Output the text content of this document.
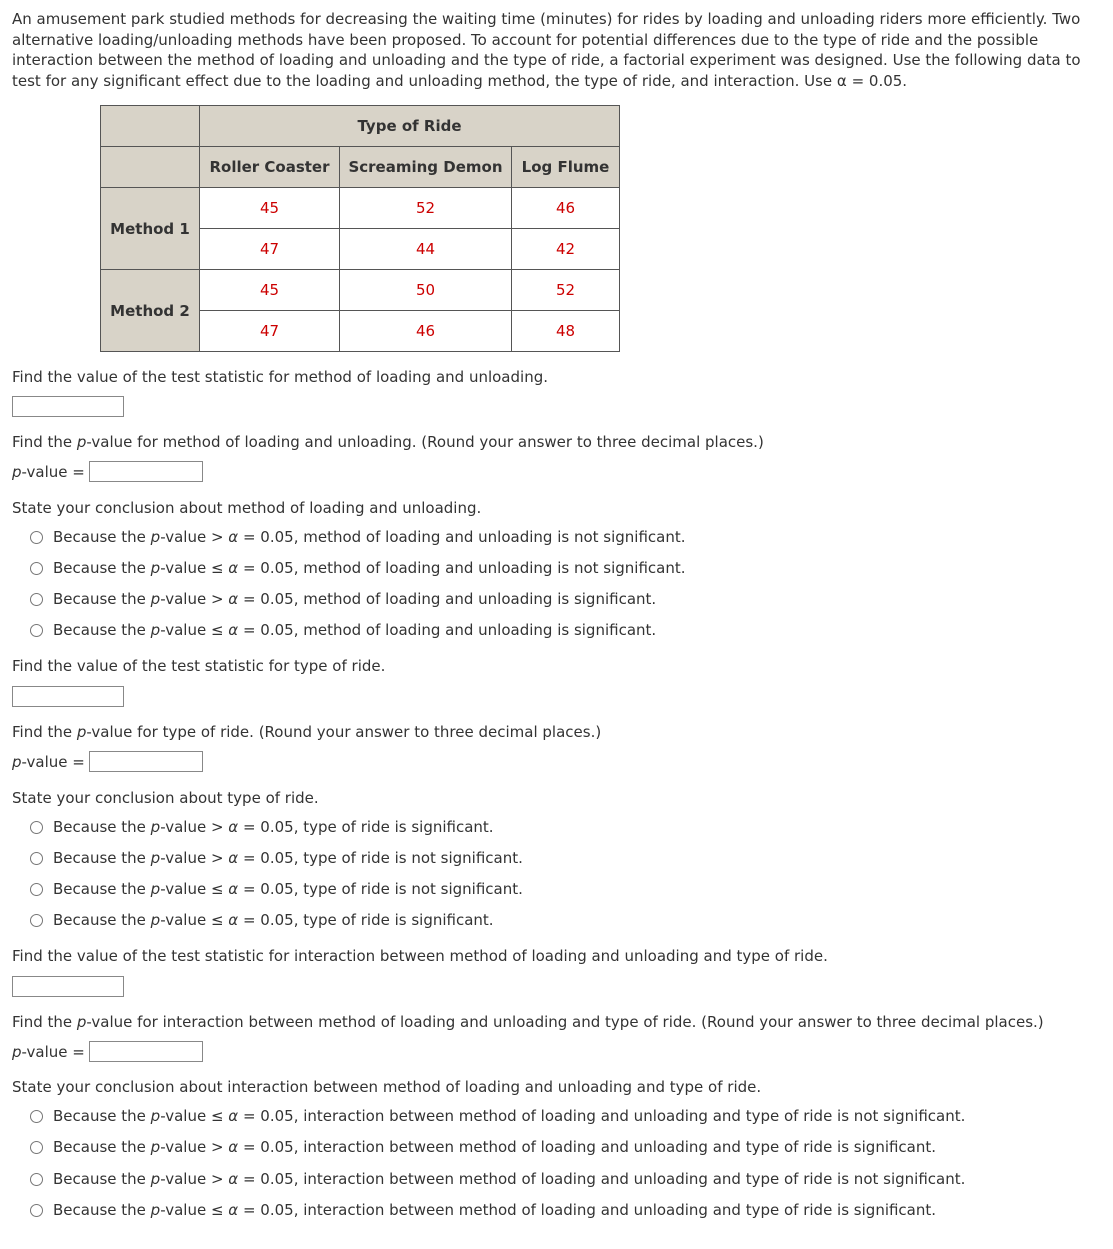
An amusement park studied methods for decreasing the waiting time (minutes) for rides by loading and unloading riders more efficiently. Two alternative loading/unloading methods have been proposed. To account for potential differences due to the type of ride and the possible interaction between the method of loading and unloading and the type of ride, a factorial experiment was designed. Use the following data to test for any significant effect due to the loading and unloading method, the type of ride, and interaction. Use α = 0.05.
	Type of Ride		
	Roller Coaster	Screaming Demon	Log Flume
Method 1	45	52	46
	47	44	42
Method 2	45	50	52
	47	46	48
Find the value of the test statistic for method of loading and unloading.
Find the p-value for method of loading and unloading. (Round your answer to three decimal places.)
p-value =
State your conclusion about method of loading and unloading.
Because the p-value > α = 0.05, method of loading and unloading is not significant.
Because the p-value ≤ α = 0.05, method of loading and unloading is not significant.
Because the p-value > α = 0.05, method of loading and unloading is significant.
Because the p-value ≤ α = 0.05, method of loading and unloading is significant.
Find the value of the test statistic for type of ride.
Find the p-value for type of ride. (Round your answer to three decimal places.)
p-value =
State your conclusion about type of ride.
Because the p-value > α = 0.05, type of ride is significant.
Because the p-value > α = 0.05, type of ride is not significant.
Because the p-value ≤ α = 0.05, type of ride is not significant.
Because the p-value ≤ α = 0.05, type of ride is significant.
Find the value of the test statistic for interaction between method of loading and unloading and type of ride.
Find the p-value for interaction between method of loading and unloading and type of ride. (Round your answer to three decimal places.)
p-value =
State your conclusion about interaction between method of loading and unloading and type of ride.
Because the p-value ≤ α = 0.05, interaction between method of loading and unloading and type of ride is not significant.
Because the p-value > α = 0.05, interaction between method of loading and unloading and type of ride is significant.
Because the p-value > α = 0.05, interaction between method of loading and unloading and type of ride is not significant.
Because the p-value ≤ α = 0.05, interaction between method of loading and unloading and type of ride is significant.
